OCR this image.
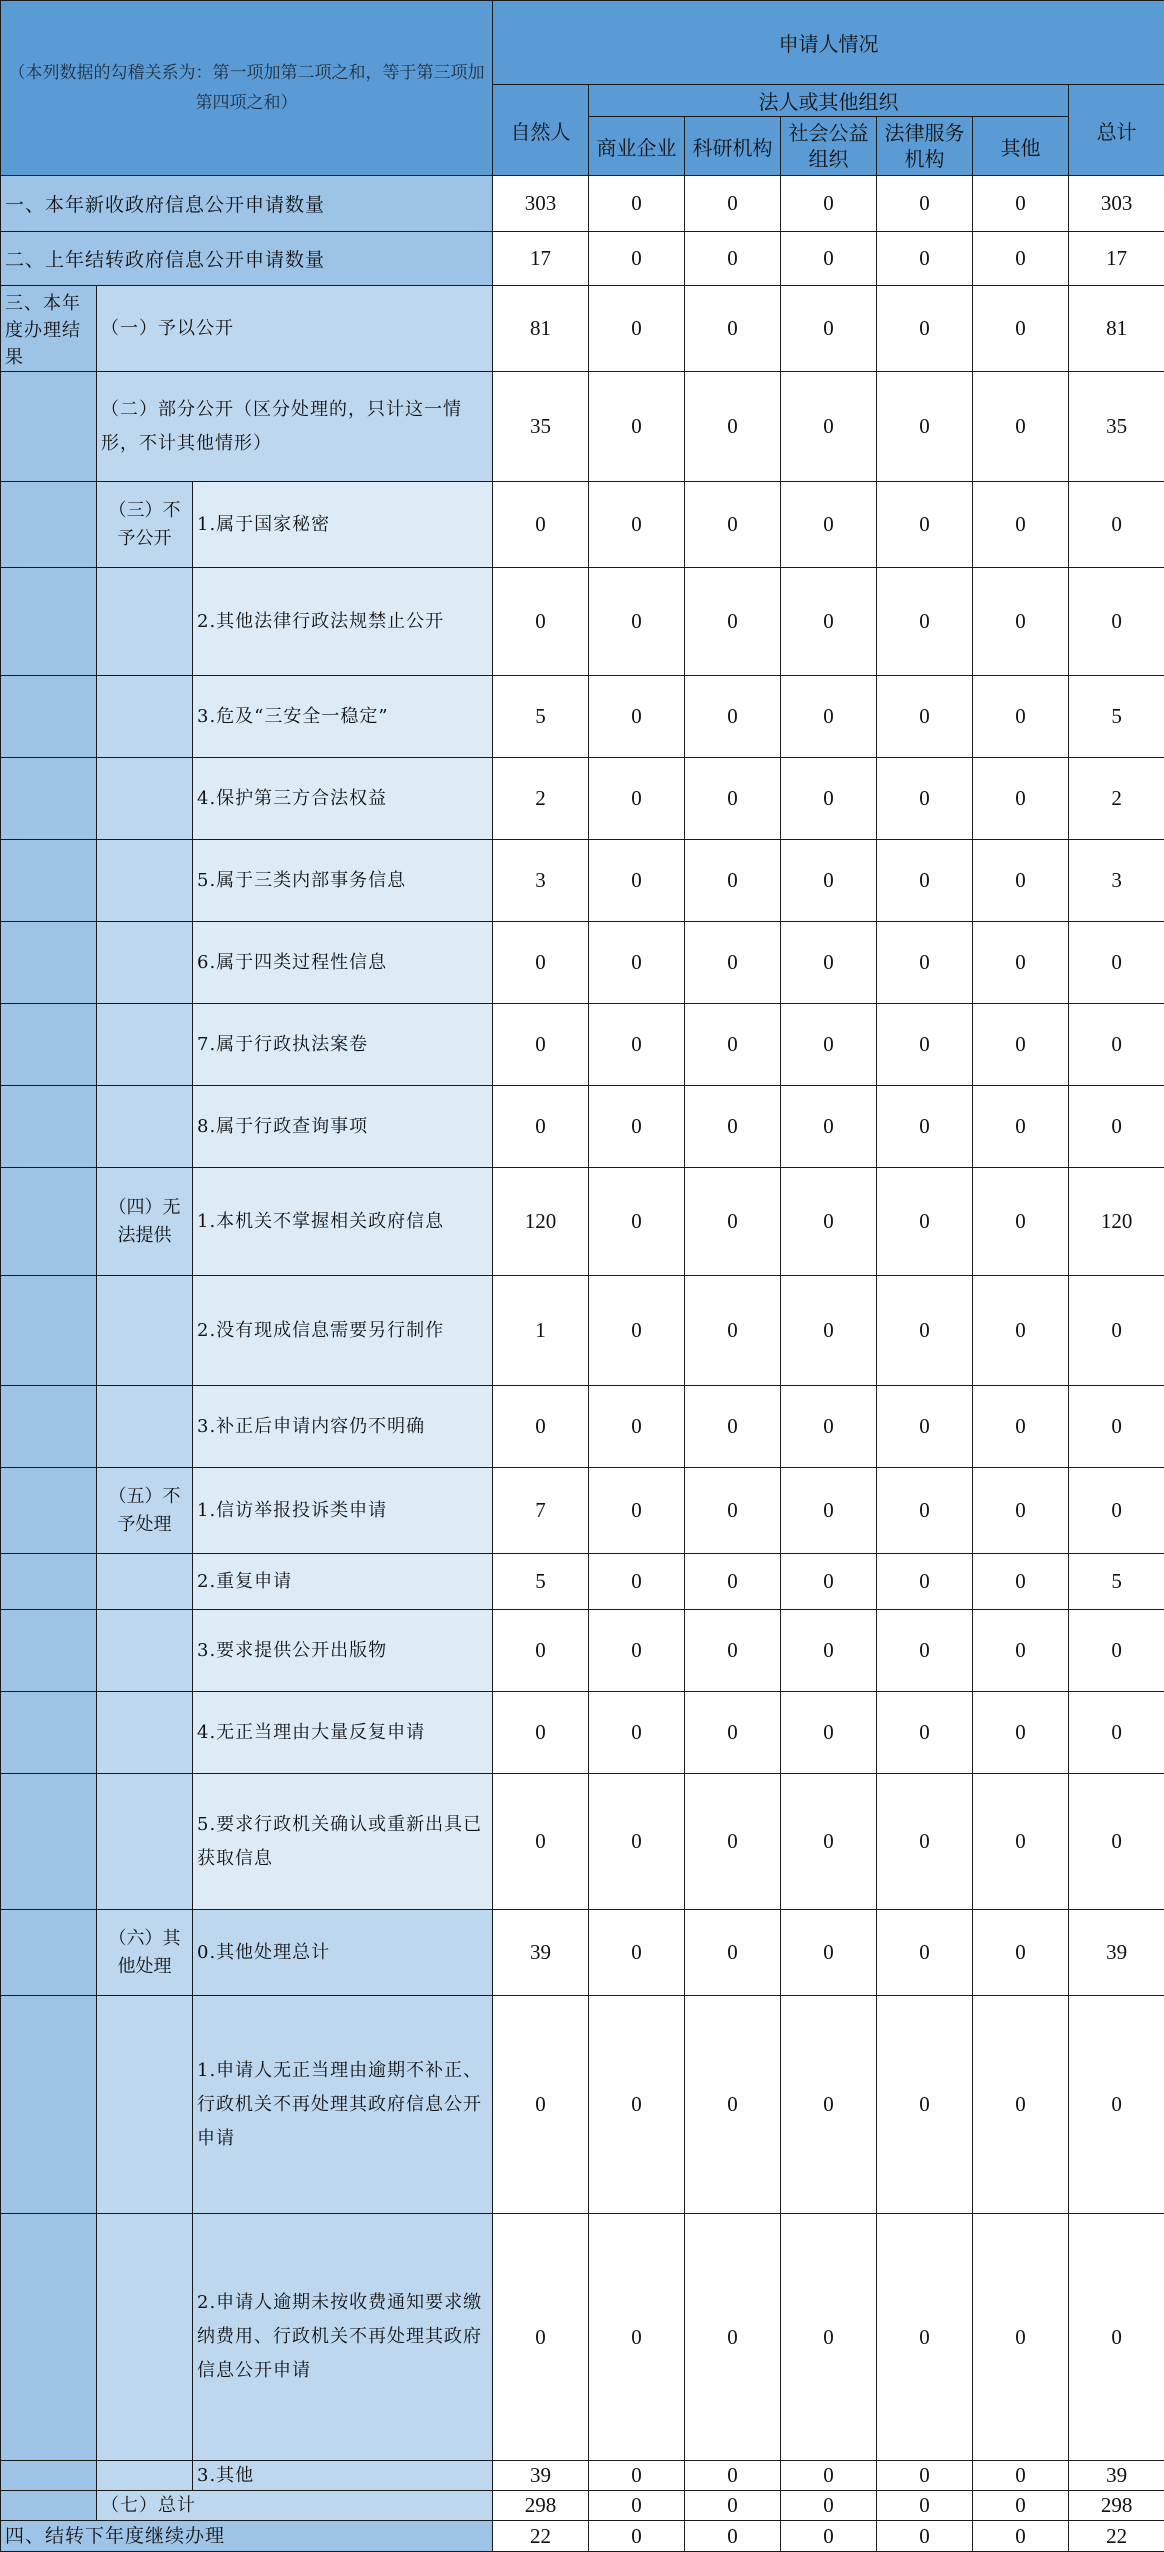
（本列数据的勾稽关系为：第一项加第二项之和，等于第三项加第四项之和）			申请人情况						
			自然人	法人或其他组织					总计
				商业企业	科研机构	社会公益组织	法律服务机构	其他	
一、本年新收政府信息公开申请数量			303	0	0	0	0	0	303
二、上年结转政府信息公开申请数量			17	0	0	0	0	0	17
三、本年度办理结果	（一）予以公开		81	0	0	0	0	0	81
	（二）部分公开（区分处理的，只计这一情形，不计其他情形）		35	0	0	0	0	0	35
	（三）不予公开	1.属于国家秘密	0	0	0	0	0	0	0
		2.其他法律行政法规禁止公开	0	0	0	0	0	0	0
		3.危及“三安全一稳定”	5	0	0	0	0	0	5
		4.保护第三方合法权益	2	0	0	0	0	0	2
		5.属于三类内部事务信息	3	0	0	0	0	0	3
		6.属于四类过程性信息	0	0	0	0	0	0	0
		7.属于行政执法案卷	0	0	0	0	0	0	0
		8.属于行政查询事项	0	0	0	0	0	0	0
	（四）无法提供	1.本机关不掌握相关政府信息	120	0	0	0	0	0	120
		2.没有现成信息需要另行制作	1	0	0	0	0	0	0
		3.补正后申请内容仍不明确	0	0	0	0	0	0	0
	（五）不予处理	1.信访举报投诉类申请	7	0	0	0	0	0	0
		2.重复申请	5	0	0	0	0	0	5
		3.要求提供公开出版物	0	0	0	0	0	0	0
		4.无正当理由大量反复申请	0	0	0	0	0	0	0
		5.要求行政机关确认或重新出具已获取信息	0	0	0	0	0	0	0
	（六）其他处理	0.其他处理总计	39	0	0	0	0	0	39
		1.申请人无正当理由逾期不补正、行政机关不再处理其政府信息公开申请	0	0	0	0	0	0	0
		2.申请人逾期未按收费通知要求缴纳费用、行政机关不再处理其政府信息公开申请	0	0	0	0	0	0	0
		3.其他	39	0	0	0	0	0	39
	（七）总计		298	0	0	0	0	0	298
四、结转下年度继续办理			22	0	0	0	0	0	22
